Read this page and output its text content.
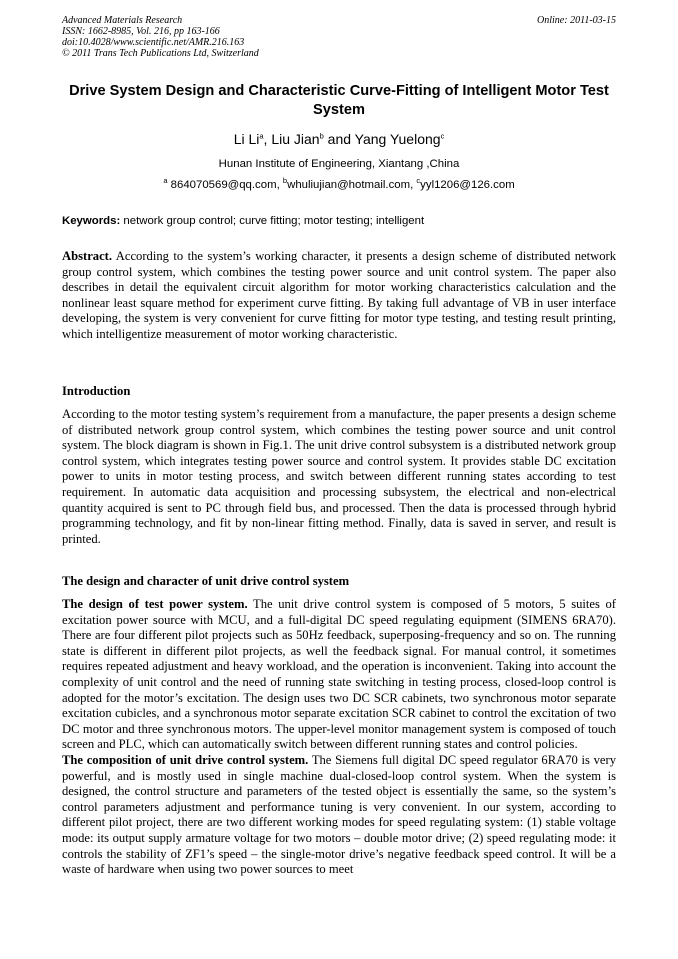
Advanced Materials Research
ISSN: 1662-8985, Vol. 216, pp 163-166
doi:10.4028/www.scientific.net/AMR.216.163
© 2011 Trans Tech Publications Ltd, Switzerland
Online: 2011-03-15
Drive System Design and Characteristic Curve-Fitting of Intelligent Motor Test System
Li Li$^a$, Liu Jian$^b$ and Yang Yuelong$^c$
Hunan Institute of Engineering, Xiantang ,China
$^a$ 864070569@qq.com, $^b$whuliujian@hotmail.com, $^c$yyl1206@126.com
Keywords: network group control; curve fitting; motor testing; intelligent
Abstract. According to the system’s working character, it presents a design scheme of distributed network group control system, which combines the testing power source and unit control system. The paper also describes in detail the equivalent circuit algorithm for motor working characteristics calculation and the nonlinear least square method for experiment curve fitting. By taking full advantage of VB in user interface developing, the system is very convenient for curve fitting for motor type testing, and testing result printing, which intelligentize measurement of motor working characteristic.
Introduction
According to the motor testing system’s requirement from a manufacture, the paper presents a design scheme of distributed network group control system, which combines the testing power source and unit control system. The block diagram is shown in Fig.1. The unit drive control subsystem is a distributed network group control system, which integrates testing power source and control system. It provides stable DC excitation power to units in motor testing process, and switch between different running states according to test requirement. In automatic data acquisition and processing subsystem, the electrical and non-electrical quantity acquired is sent to PC through field bus, and processed. Then the data is processed through hybrid programming technology, and fit by non-linear fitting method. Finally, data is saved in server, and result is printed.
The design and character of unit drive control system

The design of test power system. The unit drive control system is composed of 5 motors, 5 suites of excitation power source with MCU, and a full-digital DC speed regulating equipment (SIMENS 6RA70). There are four different pilot projects such as 50Hz feedback, superposing-frequency and so on. The running state is different in different pilot projects, as well the feedback signal. For manual control, it sometimes requires repeated adjustment and heavy workload, and the operation is inconvenient. Taking into account the complexity of unit control and the need of running state switching in testing process, closed-loop control is adopted for the motor’s excitation. The design uses two DC SCR cabinets, two synchronous motor separate excitation cubicles, and a synchronous motor separate excitation SCR cabinet to control the excitation of two DC motor and three synchronous motors. The upper-level monitor management system is composed of touch screen and PLC, which can automatically switch between different running states and control policies.

The composition of unit drive control system. The Siemens full digital DC speed regulator 6RA70 is very powerful, and is mostly used in single machine dual-closed-loop control system. When the system is designed, the control structure and parameters of the tested object is essentially the same, so the system’s control parameters adjustment and performance tuning is very convenient. In our system, according to different pilot project, there are two different working modes for speed regulating system: (1) stable voltage mode: its output supply armature voltage for two motors – double motor drive; (2) speed regulating mode: it controls the stability of ZF1’s speed – the single-motor drive’s negative feedback speed control. It will be a waste of hardware when using two power sources to meet
